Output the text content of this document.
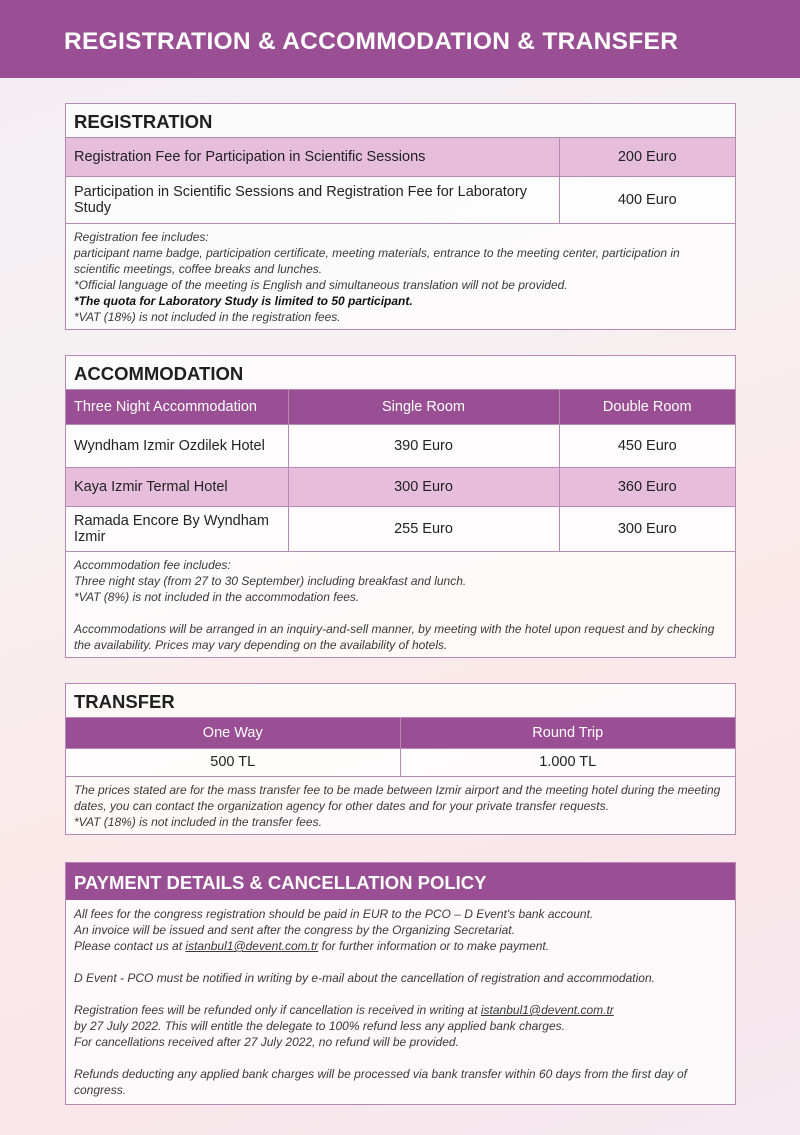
REGISTRATION & ACCOMMODATION & TRANSFER
REGISTRATION
Registration Fee for Participation in Scientific Sessions	200 Euro
Participation in Scientific Sessions and Registration Fee for Laboratory Study	400 Euro
Registration fee includes:
participant name badge, participation certificate, meeting materials, entrance to the meeting center, participation in scientific meetings, coffee breaks and lunches.
*Official language of the meeting is English and simultaneous translation will not be provided.
*The quota for Laboratory Study is limited to 50 participant.
*VAT (18%) is not included in the registration fees.
ACCOMMODATION
Three Night Accommodation	Single Room	Double Room
Wyndham Izmir Ozdilek Hotel	390 Euro	450 Euro
Kaya Izmir Termal Hotel	300 Euro	360 Euro
Ramada Encore By Wyndham Izmir	255 Euro	300 Euro
Accommodation fee includes:
Three night stay (from 27 to 30 September) including breakfast and lunch.
*VAT (8%) is not included in the accommodation fees.
Accommodations will be arranged in an inquiry-and-sell manner, by meeting with the hotel upon request and by checking the availability. Prices may vary depending on the availability of hotels.
TRANSFER
One Way	Round Trip
500 TL	1.000 TL
The prices stated are for the mass transfer fee to be made between Izmir airport and the meeting hotel during the meeting dates, you can contact the organization agency for other dates and for your private transfer requests.
*VAT (18%) is not included in the transfer fees.
PAYMENT DETAILS & CANCELLATION POLICY
All fees for the congress registration should be paid in EUR to the PCO – D Event's bank account.
An invoice will be issued and sent after the congress by the Organizing Secretariat.
Please contact us at istanbul1@devent.com.tr for further information or to make payment.
D Event - PCO must be notified in writing by e-mail about the cancellation of registration and accommodation.
Registration fees will be refunded only if cancellation is received in writing at istanbul1@devent.com.tr
by 27 July 2022. This will entitle the delegate to 100% refund less any applied bank charges.
For cancellations received after 27 July 2022, no refund will be provided.
Refunds deducting any applied bank charges will be processed via bank transfer within 60 days from the first day of congress.
